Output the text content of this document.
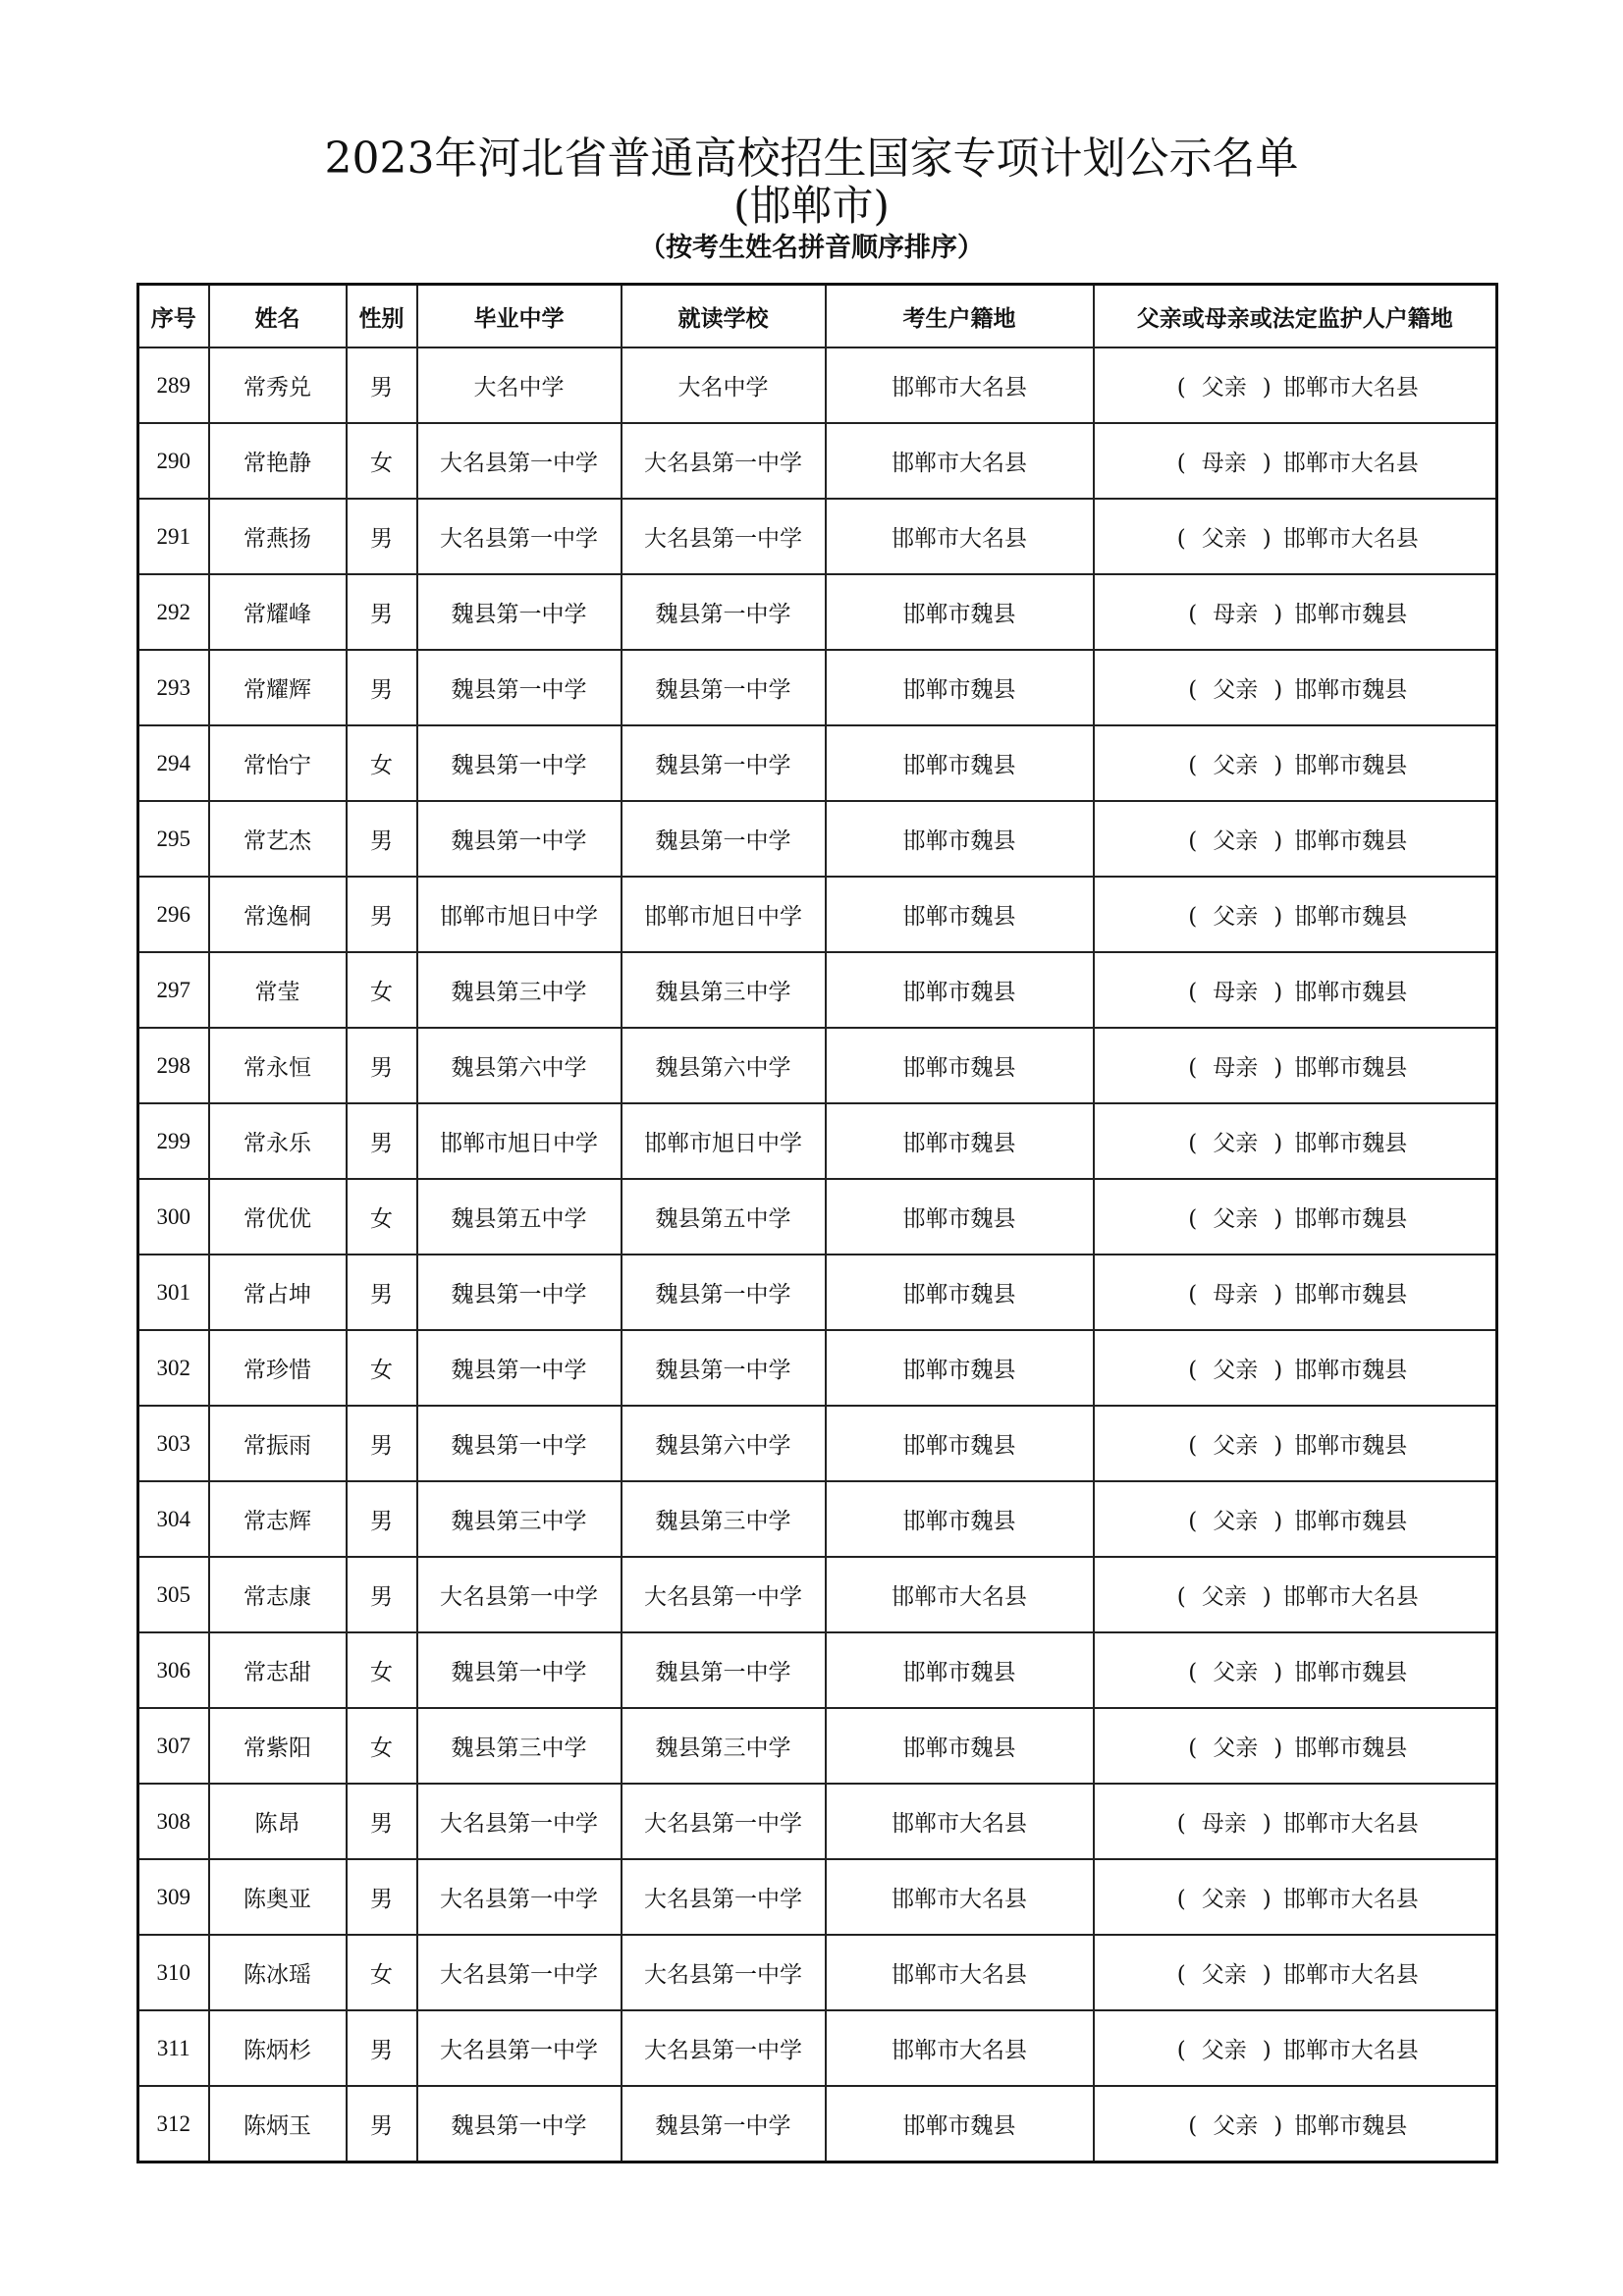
2023年河北省普通高校招生国家专项计划公示名单
(邯郸市)
（按考生姓名拼音顺序排序）
序号	姓名	性别	毕业中学	就读学校	考生户籍地	父亲或母亲或法定监护人户籍地
289	常秀兑	男	大名中学	大名中学	邯郸市大名县	( 父亲 ) 邯郸市大名县
290	常艳静	女	大名县第一中学	大名县第一中学	邯郸市大名县	( 母亲 ) 邯郸市大名县
291	常燕扬	男	大名县第一中学	大名县第一中学	邯郸市大名县	( 父亲 ) 邯郸市大名县
292	常耀峰	男	魏县第一中学	魏县第一中学	邯郸市魏县	( 母亲 ) 邯郸市魏县
293	常耀辉	男	魏县第一中学	魏县第一中学	邯郸市魏县	( 父亲 ) 邯郸市魏县
294	常怡宁	女	魏县第一中学	魏县第一中学	邯郸市魏县	( 父亲 ) 邯郸市魏县
295	常艺杰	男	魏县第一中学	魏县第一中学	邯郸市魏县	( 父亲 ) 邯郸市魏县
296	常逸桐	男	邯郸市旭日中学	邯郸市旭日中学	邯郸市魏县	( 父亲 ) 邯郸市魏县
297	常莹	女	魏县第三中学	魏县第三中学	邯郸市魏县	( 母亲 ) 邯郸市魏县
298	常永恒	男	魏县第六中学	魏县第六中学	邯郸市魏县	( 母亲 ) 邯郸市魏县
299	常永乐	男	邯郸市旭日中学	邯郸市旭日中学	邯郸市魏县	( 父亲 ) 邯郸市魏县
300	常优优	女	魏县第五中学	魏县第五中学	邯郸市魏县	( 父亲 ) 邯郸市魏县
301	常占坤	男	魏县第一中学	魏县第一中学	邯郸市魏县	( 母亲 ) 邯郸市魏县
302	常珍惜	女	魏县第一中学	魏县第一中学	邯郸市魏县	( 父亲 ) 邯郸市魏县
303	常振雨	男	魏县第一中学	魏县第六中学	邯郸市魏县	( 父亲 ) 邯郸市魏县
304	常志辉	男	魏县第三中学	魏县第三中学	邯郸市魏县	( 父亲 ) 邯郸市魏县
305	常志康	男	大名县第一中学	大名县第一中学	邯郸市大名县	( 父亲 ) 邯郸市大名县
306	常志甜	女	魏县第一中学	魏县第一中学	邯郸市魏县	( 父亲 ) 邯郸市魏县
307	常紫阳	女	魏县第三中学	魏县第三中学	邯郸市魏县	( 父亲 ) 邯郸市魏县
308	陈昂	男	大名县第一中学	大名县第一中学	邯郸市大名县	( 母亲 ) 邯郸市大名县
309	陈奥亚	男	大名县第一中学	大名县第一中学	邯郸市大名县	( 父亲 ) 邯郸市大名县
310	陈冰瑶	女	大名县第一中学	大名县第一中学	邯郸市大名县	( 父亲 ) 邯郸市大名县
311	陈炳杉	男	大名县第一中学	大名县第一中学	邯郸市大名县	( 父亲 ) 邯郸市大名县
312	陈炳玉	男	魏县第一中学	魏县第一中学	邯郸市魏县	( 父亲 ) 邯郸市魏县
